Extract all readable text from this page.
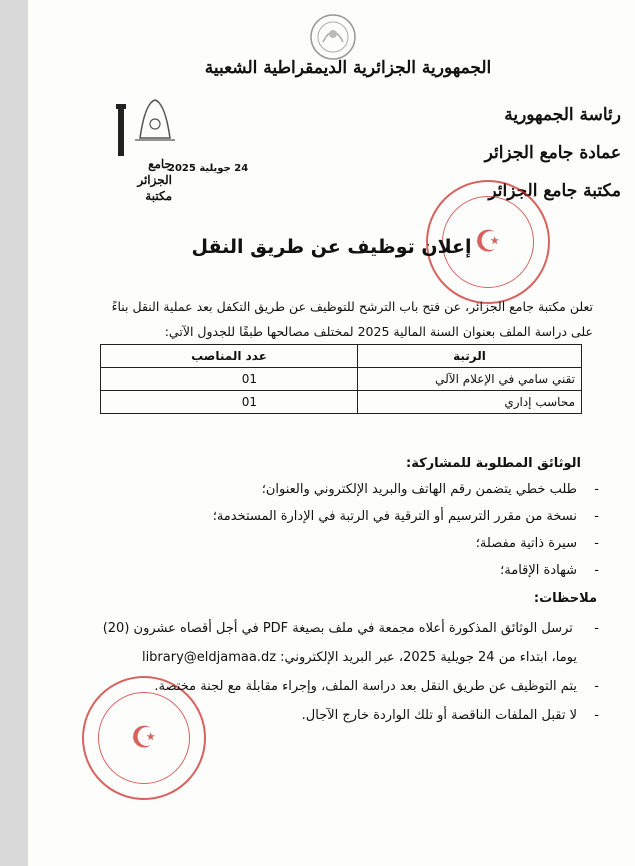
الجمهورية الجزائرية الديمقراطية الشعبية
رئاسة الجمهورية
عمادة جامع الجزائر
مكتبة جامع الجزائر
جامع الجزائر
مكتبة
24 جويلية 2025
☪
☪
إعلان توظيف عن طريق النقل
تعلن مكتبة جامع الجزائر، عن فتح باب الترشح للتوظيف عن طريق التكفل بعد عملية النقل بناءً على دراسة الملف بعنوان السنة المالية 2025 لمختلف مصالحها طبقًا للجدول الآتي:
الرتبة	عدد المناصب
تقني سامي في الإعلام الآلي	01
محاسب إداري	01
الوثائق المطلوبة للمشاركة:
- طلب خطي يتضمن رقم الهاتف والبريد الإلكتروني والعنوان؛
- نسخة من مقرر الترسيم أو الترقية في الرتبة في الإدارة المستخدمة؛
- سيرة ذاتية مفصلة؛
- شهادة الإقامة؛
ملاحظات:
- ترسل الوثائق المذكورة أعلاه مجمعة في ملف بصيغة PDF في أجل أقصاه عشرون (20)
يوما، ابتداء من 24 جويلية 2025، عبر البريد الإلكتروني: library@eldjamaa.dz
- يتم التوظيف عن طريق النقل بعد دراسة الملف، وإجراء مقابلة مع لجنة مختصة.
- لا تقبل الملفات الناقصة أو تلك الواردة خارج الآجال.
